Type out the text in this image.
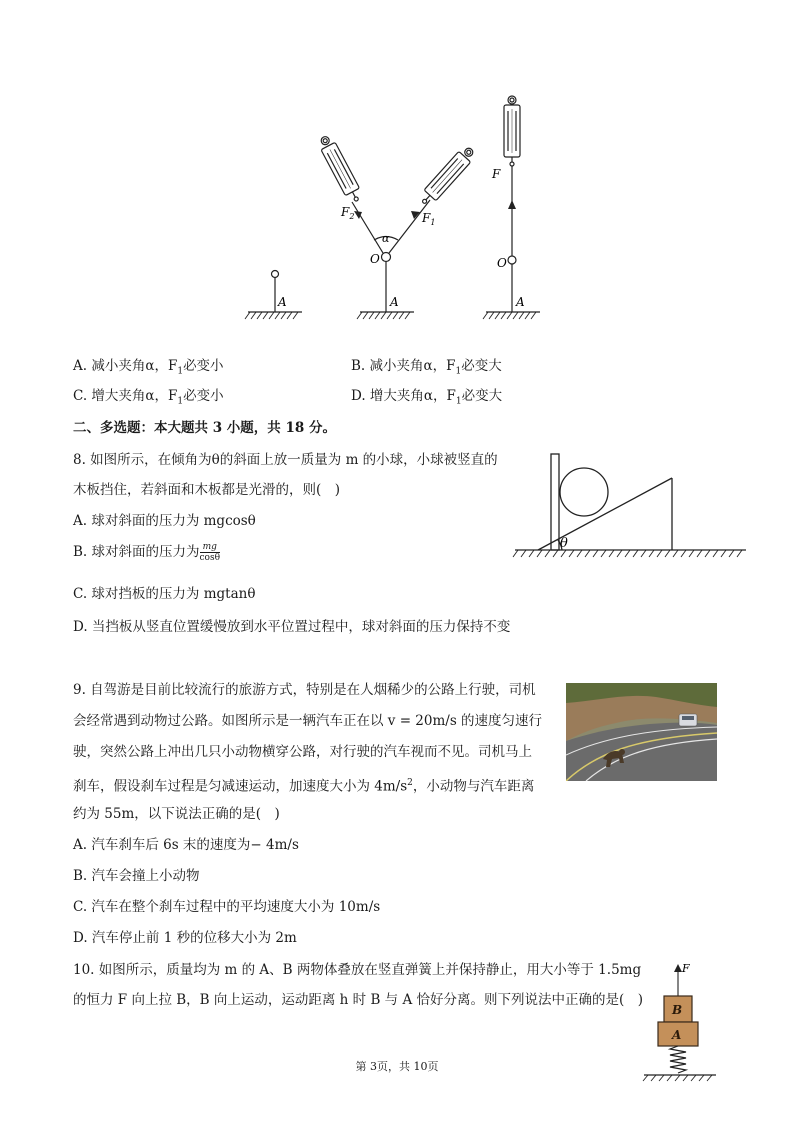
A
$F_2$	$F_1$
α
O
A
F
O
A
A. 减小夹角α，$F_1$必变小	B. 减小夹角α，$F_1$必变大
C. 增大夹角α，$F_1$必变小	D. 增大夹角α，$F_1$必变大
二、多选题：本大题共 3 小题，共 18 分。
8. 如图所示，在倾角为θ的斜面上放一质量为 m 的小球，小球被竖直的
木板挡住，若斜面和木板都是光滑的，则(　)
A. 球对斜面的压力为 mgcosθ
B. 球对斜面的压力为 $\frac{mg}{\cos\theta}$
C. 球对挡板的压力为 mgtanθ
D. 当挡板从竖直位置缓慢放到水平位置过程中，球对斜面的压力保持不变
θ
9. 自驾游是目前比较流行的旅游方式，特别是在人烟稀少的公路上行驶，司机
会经常遇到动物过公路。如图所示是一辆汽车正在以 v = 20m/s 的速度匀速行
驶，突然公路上冲出几只小动物横穿公路，对行驶的汽车视而不见。司机马上
刹车，假设刹车过程是匀减速运动，加速度大小为 $4m/s^2$，小动物与汽车距离
约为 55m，以下说法正确的是(　)
A. 汽车刹车后 6s 末的速度为− 4m/s
B. 汽车会撞上小动物
C. 汽车在整个刹车过程中的平均速度大小为 10m/s
D. 汽车停止前 1 秒的位移大小为 2m
10. 如图所示，质量均为 m 的 A、B 两物体叠放在竖直弹簧上并保持静止，用大小等于 1.5mg
的恒力 F 向上拉 B，B 向上运动，运动距离 h 时 B 与 A 恰好分离。则下列说法中正确的是(　)
F
B
A
第 3页，共 10页
